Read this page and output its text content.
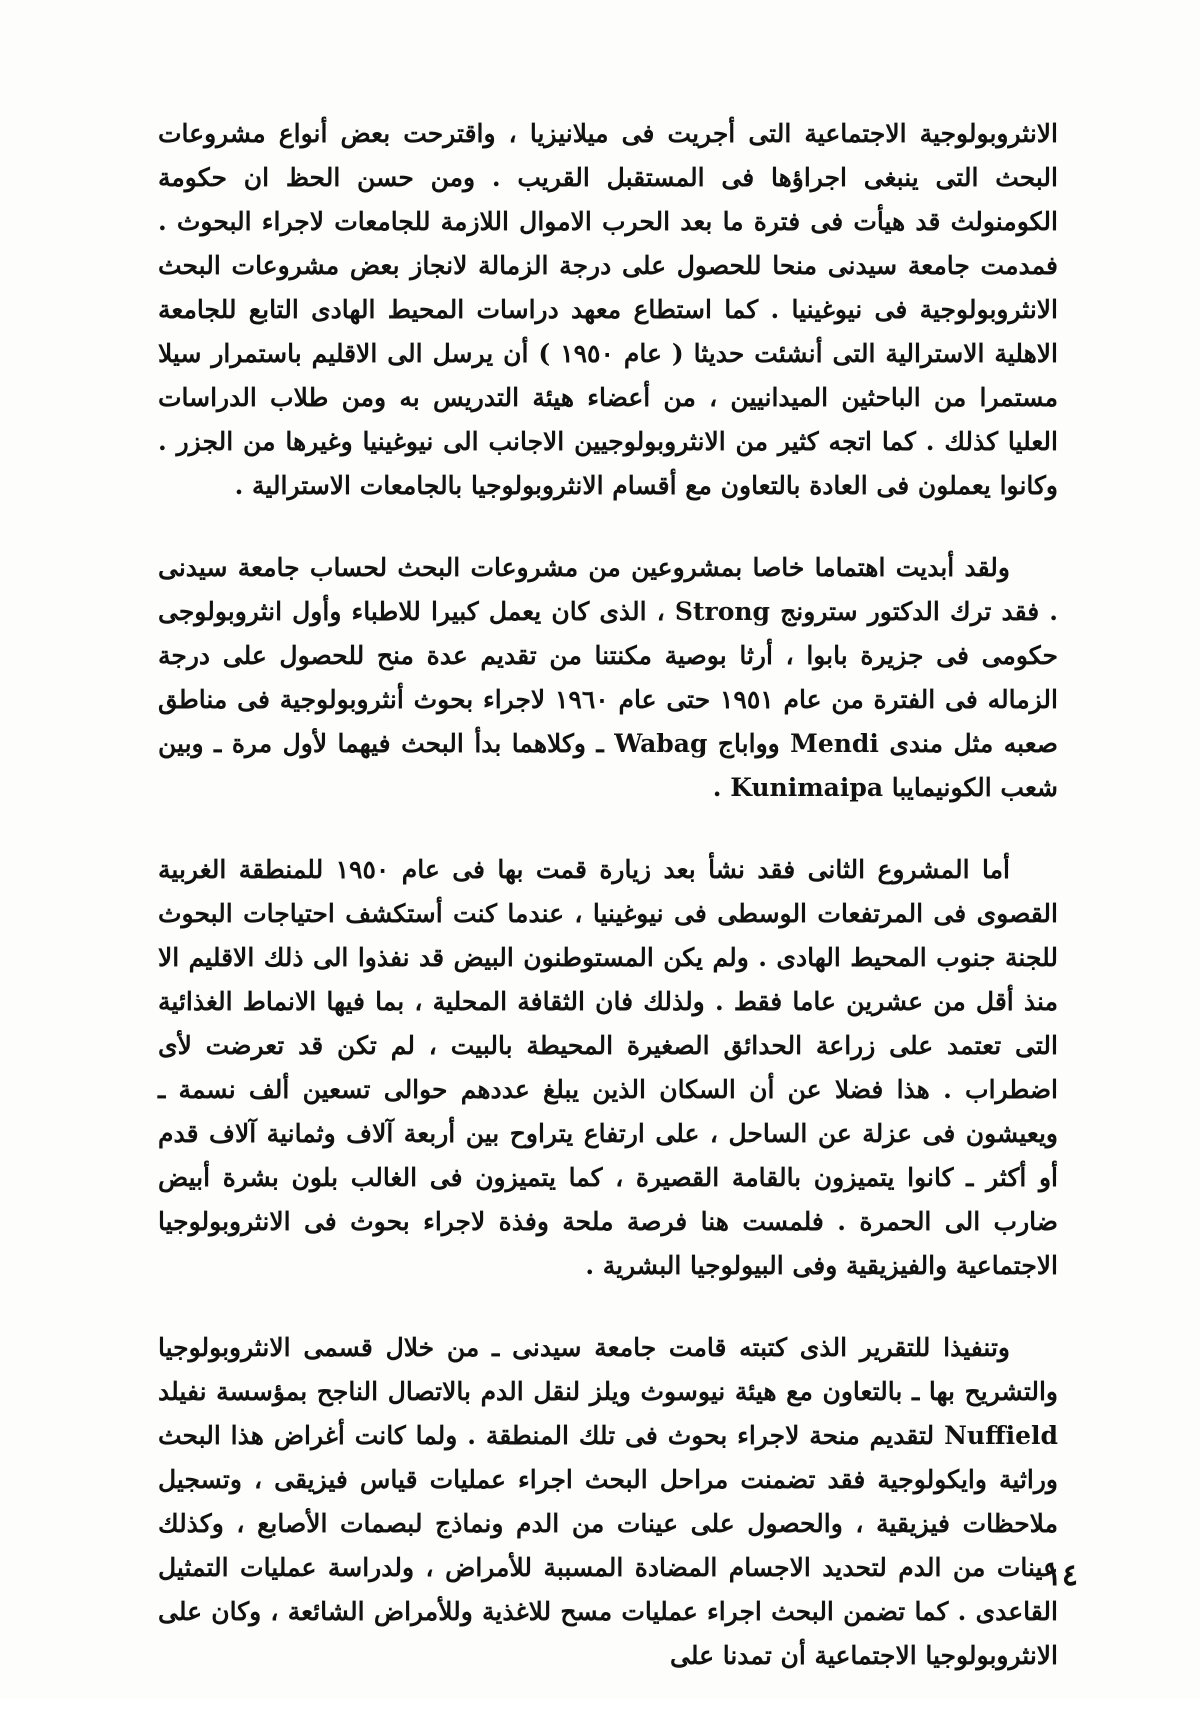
الانثروبولوجية الاجتماعية التى أجريت فى ميلانيزيا ، واقترحت بعض أنواع مشروعات البحث التى ينبغى اجراؤها فى المستقبل القريب . ومن حسن الحظ ان حكومة الكومنولث قد هيأت فى فترة ما بعد الحرب الاموال اللازمة للجامعات لاجراء البحوث . فمدمت جامعة سيدنى منحا للحصول على درجة الزمالة لانجاز بعض مشروعات البحث الانثروبولوجية فى نيوغينيا . كما استطاع معهد دراسات المحيط الهادى التابع للجامعة الاهلية الاسترالية التى أنشئت حديثا ( عام ١٩٥٠ ) أن يرسل الى الاقليم باستمرار سيلا مستمرا من الباحثين الميدانيين ، من أعضاء هيئة التدريس به ومن طلاب الدراسات العليا كذلك . كما اتجه كثير من الانثروبولوجيين الاجانب الى نيوغينيا وغيرها من الجزر . وكانوا يعملون فى العادة بالتعاون مع أقسام الانثروبولوجيا بالجامعات الاسترالية .

ولقد أبديت اهتماما خاصا بمشروعين من مشروعات البحث لحساب جامعة سيدنى . فقد ترك الدكتور سترونج Strong ، الذى كان يعمل كبيرا للاطباء وأول انثروبولوجى حكومى فى جزيرة بابوا ، أرثا بوصية مكنتنا من تقديم عدة منح للحصول على درجة الزماله فى الفترة من عام ١٩٥١ حتى عام ١٩٦٠ لاجراء بحوث أنثروبولوجية فى مناطق صعبه مثل مندى Mendi وواباج Wabag ـ وكلاهما بدأ البحث فيهما لأول مرة ـ وبين شعب الكونيمايبا Kunimaipa .

أما المشروع الثانى فقد نشأ بعد زيارة قمت بها فى عام ١٩٥٠ للمنطقة الغربية القصوى فى المرتفعات الوسطى فى نيوغينيا ، عندما كنت أستكشف احتياجات البحوث للجنة جنوب المحيط الهادى . ولم يكن المستوطنون البيض قد نفذوا الى ذلك الاقليم الا منذ أقل من عشرين عاما فقط . ولذلك فان الثقافة المحلية ، بما فيها الانماط الغذائية التى تعتمد على زراعة الحدائق الصغيرة المحيطة بالبيت ، لم تكن قد تعرضت لأى اضطراب . هذا فضلا عن أن السكان الذين يبلغ عددهم حوالى تسعين ألف نسمة ـ ويعيشون فى عزلة عن الساحل ، على ارتفاع يتراوح بين أربعة آلاف وثمانية آلاف قدم أو أكثر ـ كانوا يتميزون بالقامة القصيرة ، كما يتميزون فى الغالب بلون بشرة أبيض ضارب الى الحمرة . فلمست هنا فرصة ملحة وفذة لاجراء بحوث فى الانثروبولوجيا الاجتماعية والفيزيقية وفى البيولوجيا البشرية .

وتنفيذا للتقرير الذى كتبته قامت جامعة سيدنى ـ من خلال قسمى الانثروبولوجيا والتشريح بها ـ بالتعاون مع هيئة نيوسوث ويلز لنقل الدم بالاتصال الناجح بمؤسسة نفيلد Nuffield لتقديم منحة لاجراء بحوث فى تلك المنطقة . ولما كانت أغراض هذا البحث وراثية وايكولوجية فقد تضمنت مراحل البحث اجراء عمليات قياس فيزيقى ، وتسجيل ملاحظات فيزيقية ، والحصول على عينات من الدم ونماذج لبصمات الأصابع ، وكذلك عينات من الدم لتحديد الاجسام المضادة المسببة للأمراض ، ولدراسة عمليات التمثيل القاعدى . كما تضمن البحث اجراء عمليات مسح للاغذية وللأمراض الشائعة ، وكان على الانثروبولوجيا الاجتماعية أن تمدنا على

١٤
